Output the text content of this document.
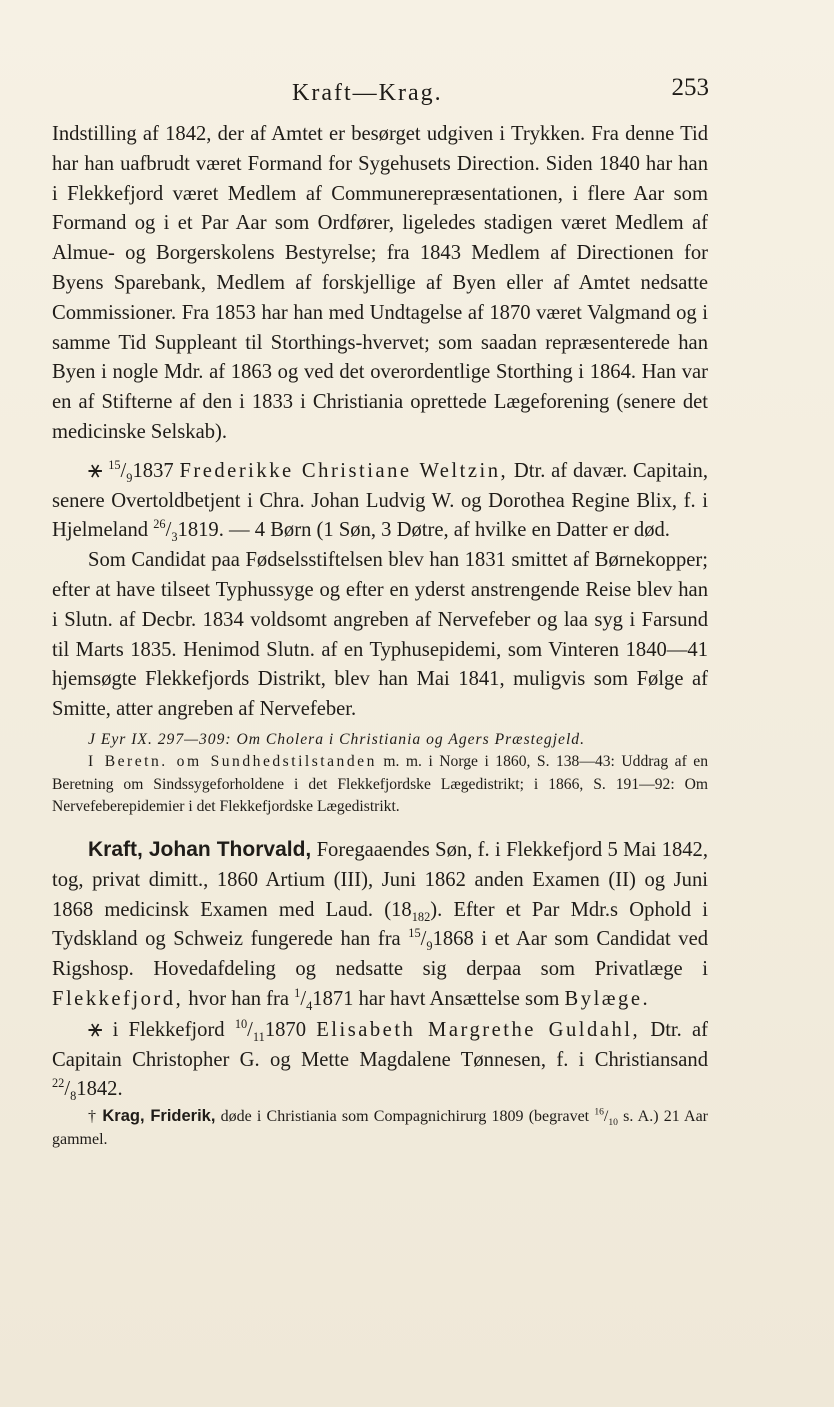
Kraft—Krag.	253

Indstilling af 1842, der af Amtet er besørget udgiven i Trykken. Fra denne Tid har han uafbrudt været Formand for Sygehusets Direction. Siden 1840 har han i Flekkefjord været Medlem af Communerepræsentationen, i flere Aar som Formand og i et Par Aar som Ordfører, ligeledes stadigen været Medlem af Almue- og Borgerskolens Bestyrelse; fra 1843 Medlem af Directionen for Byens Sparebank, Medlem af forskjellige af Byen eller af Amtet nedsatte Commissioner. Fra 1853 har han med Undtagelse af 1870 været Valgmand og i samme Tid Suppleant til Storthings-hvervet; som saadan repræsenterede han Byen i nogle Mdr. af 1863 og ved det overordentlige Storthing i 1864. Han var en af Stifterne af den i 1833 i Christiania oprettede Lægeforening (senere det medicinske Selskab).

⚹ $^{15}/_91837$ Frederikke Christiane Weltzin, Dtr. af davær. Capitain, senere Overtoldbetjent i Chra. Johan Ludvig W. og Dorothea Regine Blix, f. i Hjelmeland $^{26}/_31819$. — 4 Børn (1 Søn, 3 Døtre, af hvilke en Datter er død.

Som Candidat paa Fødselsstiftelsen blev han 1831 smittet af Børnekopper; efter at have tilseet Typhussyge og efter en yderst anstrengende Reise blev han i Slutn. af Decbr. 1834 voldsomt angreben af Nervefeber og laa syg i Farsund til Marts 1835. Henimod Slutn. af en Typhusepidemi, som Vinteren 1840—41 hjemsøgte Flekkefjords Distrikt, blev han Mai 1841, muligvis som Følge af Smitte, atter angreben af Nervefeber.

J Eyr IX. 297—309: Om Cholera i Christiania og Agers Præstegjeld.

I Beretn. om Sundhedstilstanden m. m. i Norge i 1860, S. 138—43: Uddrag af en Beretning om Sindssygeforholdene i det Flekkefjordske Lægedistrikt; i 1866, S. 191—92: Om Nervefeberepidemier i det Flekkefjordske Lægedistrikt.

Kraft, Johan Thorvald, Foregaaendes Søn, f. i Flekkefjord 5 Mai 1842, tog, privat dimitt., 1860 Artium (III), Juni 1862 anden Examen (II) og Juni 1868 medicinsk Examen med Laud. $(18_{182})$. Efter et Par Mdr.s Ophold i Tydskland og Schweiz fungerede han fra $^{15}/_91868$ i et Aar som Candidat ved Rigshosp. Hovedafdeling og nedsatte sig derpaa som Privatlæge i Flekkefjord, hvor han fra $^1/_41871$ har havt Ansættelse som Bylæge.

⚹ i Flekkefjord $^{10}/_{11}1870$ Elisabeth Margrethe Guldahl, Dtr. af Capitain Christopher G. og Mette Magdalene Tønnesen, f. i Christiansand $^{22}/_81842$.

† Krag, Friderik, døde i Christiania som Compagnichirurg 1809 (begravet $^{16}/_{10}$ s. A.) 21 Aar gammel.
